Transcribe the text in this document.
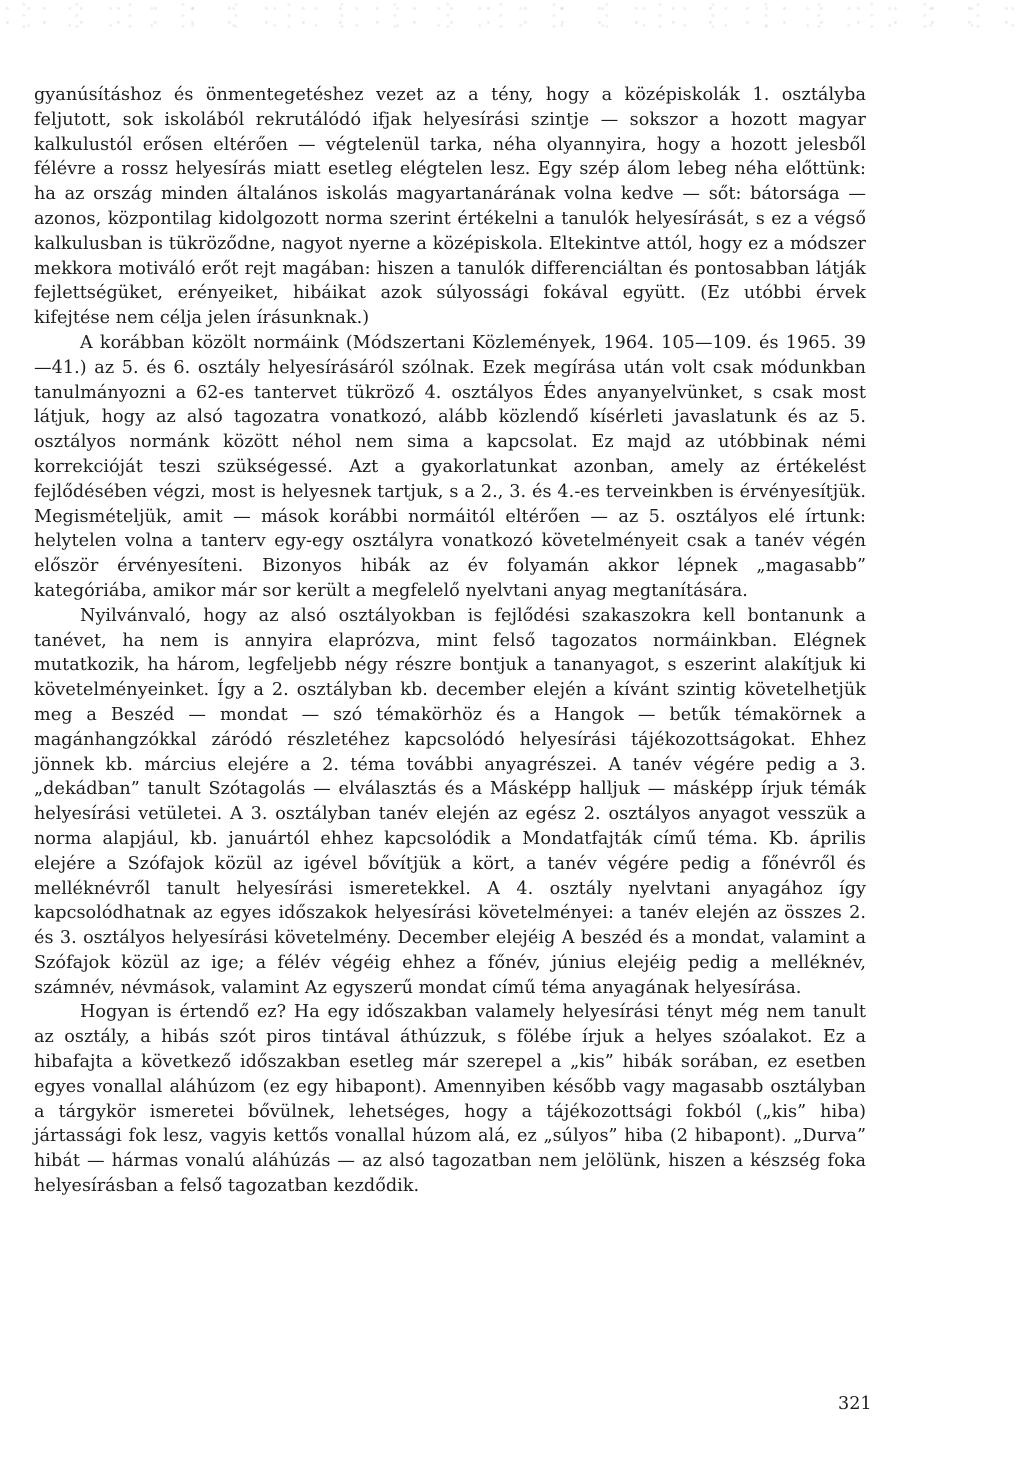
gyanúsításhoz és önmentegetéshez vezet az a tény, hogy a középiskolák 1. osztályba feljutott, sok iskolából rekrutálódó ifjak helyesírási szintje — sokszor a hozott magyar kalkulustól erősen eltérően — végtelenül tarka, néha olyannyira, hogy a hozott jelesből félévre a rossz helyesírás miatt esetleg elégtelen lesz. Egy szép álom lebeg néha előttünk: ha az ország minden általános iskolás magyartanárának volna kedve — sőt: bátorsága — azonos, központilag kidolgozott norma szerint értékelni a tanulók helyesírását, s ez a végső kalkulusban is tükröződne, nagyot nyerne a középiskola. Eltekintve attól, hogy ez a módszer mekkora motiváló erőt rejt magában: hiszen a tanulók differenciáltan és pontosabban látják fejlettségüket, erényeiket, hibáikat azok súlyossági fokával együtt. (Ez utóbbi érvek kifejtése nem célja jelen írásunknak.)

A korábban közölt normáink (Módszertani Közlemények, 1964. 105—109. és 1965. 39—41.) az 5. és 6. osztály helyesírásáról szólnak. Ezek megírása után volt csak módunkban tanulmányozni a 62-es tantervet tükröző 4. osztályos Édes anyanyelvünket, s csak most látjuk, hogy az alsó tagozatra vonatkozó, alább közlendő kísérleti javaslatunk és az 5. osztályos normánk között néhol nem sima a kapcsolat. Ez majd az utóbbinak némi korrekcióját teszi szükségessé. Azt a gyakorlatunkat azonban, amely az értékelést fejlődésében végzi, most is helyesnek tartjuk, s a 2., 3. és 4.-es terveinkben is érvényesítjük. Megismételjük, amit — mások korábbi normáitól eltérően — az 5. osztályos elé írtunk: helytelen volna a tanterv egy-egy osztályra vonatkozó követelményeit csak a tanév végén először érvényesíteni. Bizonyos hibák az év folyamán akkor lépnek „magasabb” kategóriába, amikor már sor került a megfelelő nyelvtani anyag megtanítására.

Nyilvánvaló, hogy az alsó osztályokban is fejlődési szakaszokra kell bontanunk a tanévet, ha nem is annyira elaprózva, mint felső tagozatos normáinkban. Elégnek mutatkozik, ha három, legfeljebb négy részre bontjuk a tananyagot, s eszerint alakítjuk ki követelményeinket. Így a 2. osztályban kb. december elején a kívánt szintig követelhetjük meg a Beszéd — mondat — szó témakörhöz és a Hangok — betűk témakörnek a magánhangzókkal záródó részletéhez kapcsolódó helyesírási tájékozottságokat. Ehhez jönnek kb. március elejére a 2. téma további anyagrészei. A tanév végére pedig a 3. „dekádban” tanult Szótagolás — elválasztás és a Másképp halljuk — másképp írjuk témák helyesírási vetületei. A 3. osztályban tanév elején az egész 2. osztályos anyagot vesszük a norma alapjául, kb. januártól ehhez kapcsolódik a Mondatfajták című téma. Kb. április elejére a Szófajok közül az igével bővítjük a kört, a tanév végére pedig a főnévről és melléknévről tanult helyesírási ismeretekkel. A 4. osztály nyelvtani anyagához így kapcsolódhatnak az egyes időszakok helyesírási követelményei: a tanév elején az összes 2. és 3. osztályos helyesírási követelmény. December elejéig A beszéd és a mondat, valamint a Szófajok közül az ige; a félév végéig ehhez a főnév, június elejéig pedig a melléknév, számnév, névmások, valamint Az egyszerű mondat című téma anyagának helyesírása.

Hogyan is értendő ez? Ha egy időszakban valamely helyesírási tényt még nem tanult az osztály, a hibás szót piros tintával áthúzzuk, s fölébe írjuk a helyes szóalakot. Ez a hibafajta a következő időszakban esetleg már szerepel a „kis” hibák sorában, ez esetben egyes vonallal aláhúzom (ez egy hibapont). Amennyiben később vagy magasabb osztályban a tárgykör ismeretei bővülnek, lehetséges, hogy a tájékozottsági fokból („kis” hiba) jártassági fok lesz, vagyis kettős vonallal húzom alá, ez „súlyos” hiba (2 hibapont). „Durva” hibát — hármas vonalú aláhúzás — az alsó tagozatban nem jelölünk, hiszen a készség foka helyesírásban a felső tagozatban kezdődik.

321
